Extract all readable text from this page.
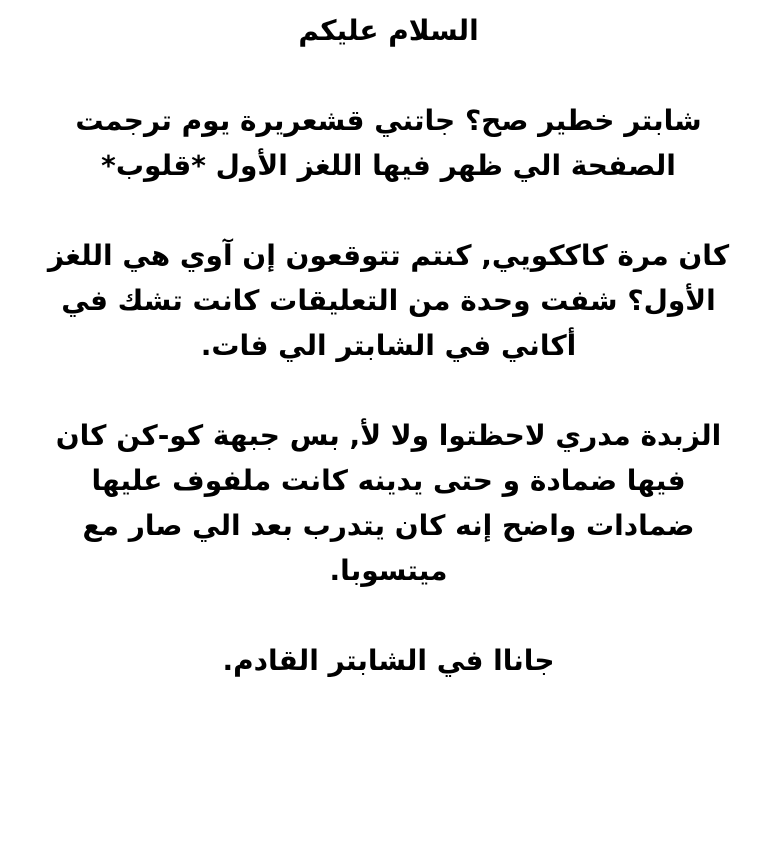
السلام عليكم

شابتر خطير صح؟ جاتني قشعريرة يوم ترجمت
الصفحة الي ظهر فيها اللغز الأول *قلوب*

كان مرة كاككويي, كنتم تتوقعون إن آوي هي اللغز
الأول؟ شفت وحدة من التعليقات كانت تشك في
أكاني في الشابتر الي فات.

الزبدة مدري لاحظتوا ولا لأ, بس جبهة كو-كن كان
فيها ضمادة و حتى يدينه كانت ملفوف عليها
ضمادات واضح إنه كان يتدرب بعد الي صار مع
ميتسوبا.

جاناا في الشابتر القادم.
